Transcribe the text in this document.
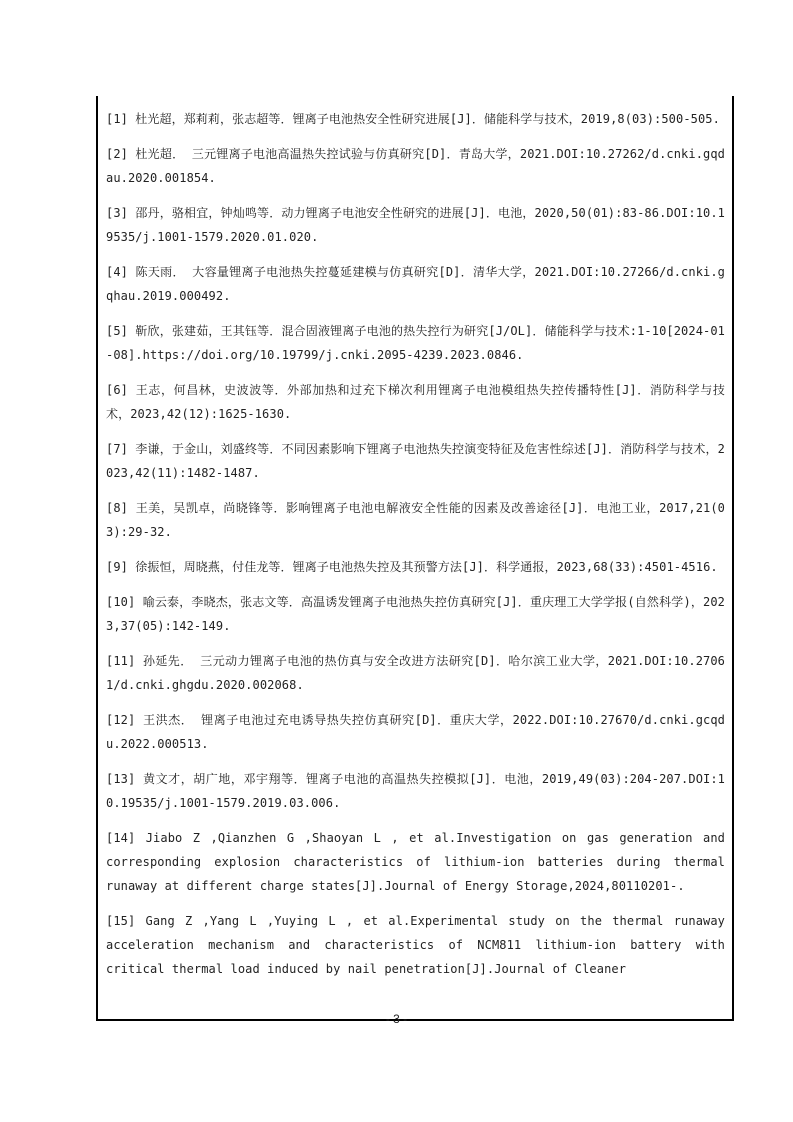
[1] 杜光超，郑莉莉，张志超等．锂离子电池热安全性研究进展[J]．储能科学与技术，2019,8(03):500-505.
[2] 杜光超． 三元锂离子电池高温热失控试验与仿真研究[D]．青岛大学，2021.DOI:10.27262/d.cnki.gqdau.2020.001854.
[3] 邵丹，骆相宜，钟灿鸣等．动力锂离子电池安全性研究的进展[J]．电池，2020,50(01):83-86.DOI:10.19535/j.1001-1579.2020.01.020.
[4] 陈天雨． 大容量锂离子电池热失控蔓延建模与仿真研究[D]．清华大学，2021.DOI:10.27266/d.cnki.gqhau.2019.000492.
[5] 靳欣，张建茹，王其钰等．混合固液锂离子电池的热失控行为研究[J/OL]．储能科学与技术:1-10[2024-01-08].https://doi.org/10.19799/j.cnki.2095-4239.2023.0846.
[6] 王志，何昌林，史波波等．外部加热和过充下梯次利用锂离子电池模组热失控传播特性[J]．消防科学与技术，2023,42(12):1625-1630.
[7] 李谦，于金山，刘盛终等．不同因素影响下锂离子电池热失控演变特征及危害性综述[J]．消防科学与技术，2023,42(11):1482-1487.
[8] 王美，吴凯卓，尚晓锋等．影响锂离子电池电解液安全性能的因素及改善途径[J]．电池工业，2017,21(03):29-32.
[9] 徐振恒，周晓燕，付佳龙等．锂离子电池热失控及其预警方法[J]．科学通报，2023,68(33):4501-4516.
[10] 喻云泰，李晓杰，张志文等．高温诱发锂离子电池热失控仿真研究[J]．重庆理工大学学报(自然科学)，2023,37(05):142-149.
[11] 孙延先． 三元动力锂离子电池的热仿真与安全改进方法研究[D]．哈尔滨工业大学，2021.DOI:10.27061/d.cnki.ghgdu.2020.002068.
[12] 王洪杰． 锂离子电池过充电诱导热失控仿真研究[D]．重庆大学，2022.DOI:10.27670/d.cnki.gcqdu.2022.000513.
[13] 黄文才，胡广地，邓宇翔等．锂离子电池的高温热失控模拟[J]．电池，2019,49(03):204-207.DOI:10.19535/j.1001-1579.2019.03.006.
[14] Jiabo Z ,Qianzhen G ,Shaoyan L , et al.Investigation on gas generation and corresponding explosion characteristics of lithium-ion batteries during thermal runaway at different charge states[J].Journal of Energy Storage,2024,80110201-.
[15] Gang Z ,Yang L ,Yuying L , et al.Experimental study on the thermal runaway acceleration mechanism and characteristics of NCM811 lithium-ion battery with critical thermal load induced by nail penetration[J].Journal of Cleaner
- 3 -
